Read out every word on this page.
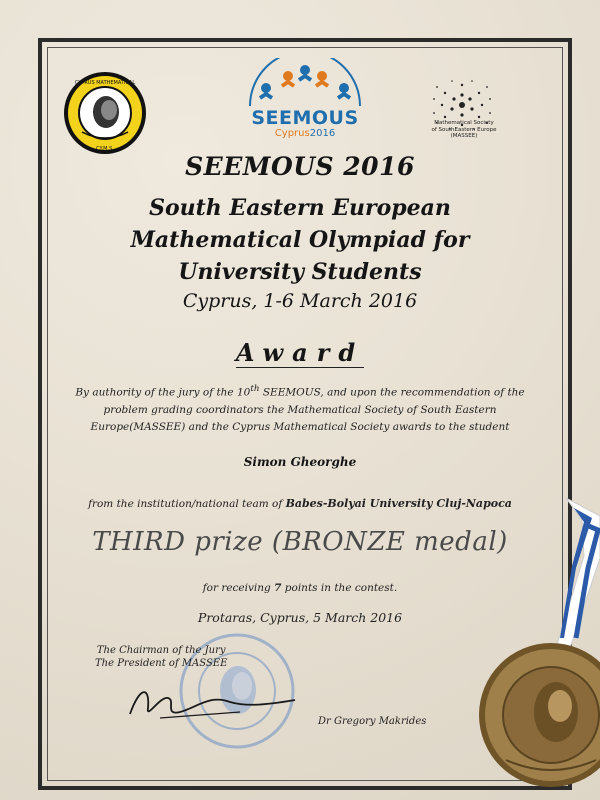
CYPRUS MATHEMATICAL
CY.M.S.
SEEMOUS
Cyprus2016
Mathematical Society
of SouthEastern Europe
(MASSEE)
SEEMOUS 2016
South Eastern European
Mathematical Olympiad for
University Students
Cyprus, 1-6 March 2016
Award
By authority of the jury of the 10th SEEMOUS, and upon the recommendation of the
problem grading coordinators the Mathematical Society of South Eastern
Europe(MASSEE) and the Cyprus Mathematical Society awards to the student
Simon Gheorghe
from the institution/national team of Babes-Bolyai University Cluj-Napoca
THIRD prize (BRONZE medal)
for receiving 7 points in the contest.
Protaras, Cyprus, 5 March 2016
The Chairman of the Jury
The President of MASSEE
Dr Gregory Makrides
